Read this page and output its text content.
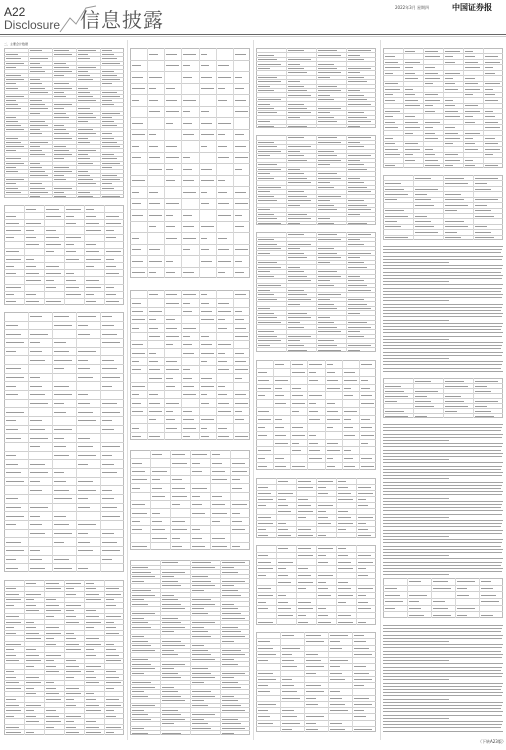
A22
Disclosure 信息披露
2022年3月 星期四	中国证券报
二、主要会计数据
（下转A23版）
